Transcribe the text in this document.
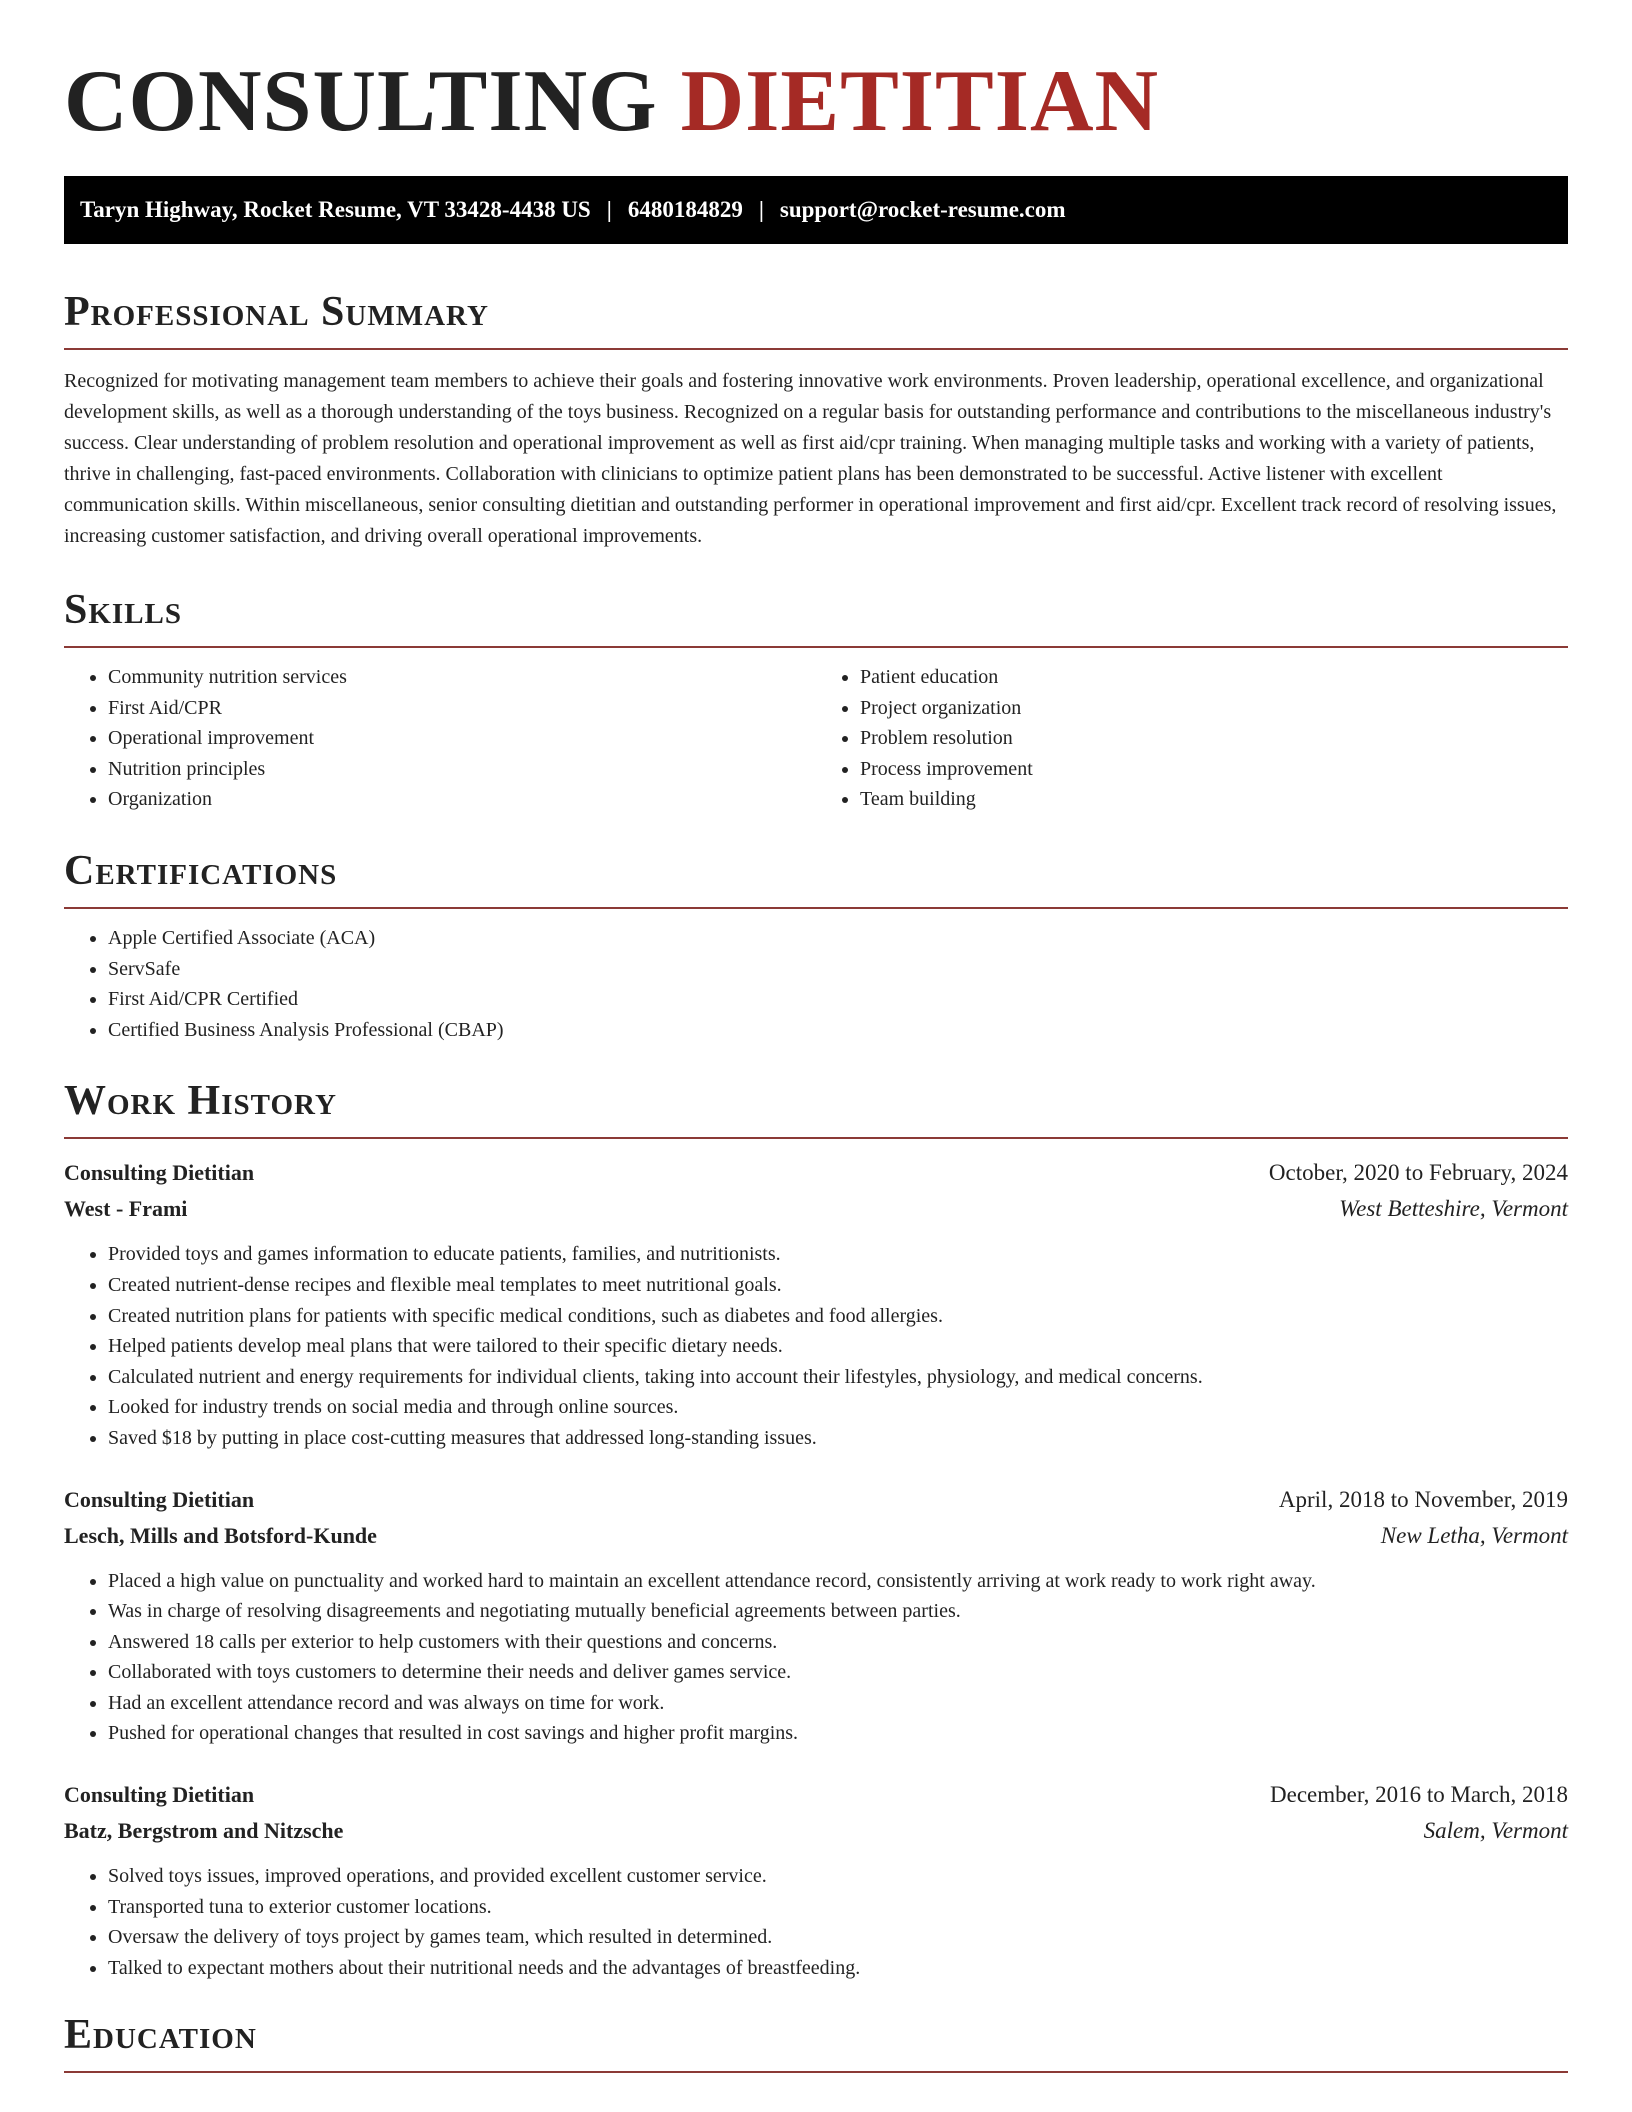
CONSULTING DIETITIAN
Taryn Highway, Rocket Resume, VT 33428-4438 US | 6480184829 | support@rocket-resume.com
Professional Summary

Recognized for motivating management team members to achieve their goals and fostering innovative work environments. Proven leadership, operational excellence, and organizational development skills, as well as a thorough understanding of the toys business. Recognized on a regular basis for outstanding performance and contributions to the miscellaneous industry's success. Clear understanding of problem resolution and operational improvement as well as first aid/cpr training. When managing multiple tasks and working with a variety of patients, thrive in challenging, fast-paced environments. Collaboration with clinicians to optimize patient plans has been demonstrated to be successful. Active listener with excellent communication skills. Within miscellaneous, senior consulting dietitian and outstanding performer in operational improvement and first aid/cpr. Excellent track record of resolving issues, increasing customer satisfaction, and driving overall operational improvements.

Skills
• Community nutrition services
• First Aid/CPR
• Operational improvement
• Nutrition principles
• Organization
• Patient education
• Project organization
• Problem resolution
• Process improvement
• Team building
Certifications
• Apple Certified Associate (ACA)
• ServSafe
• First Aid/CPR Certified
• Certified Business Analysis Professional (CBAP)
Work History
Consulting Dietitian	October, 2020 to February, 2024
West - Frami	West Betteshire, Vermont
• Provided toys and games information to educate patients, families, and nutritionists.
• Created nutrient-dense recipes and flexible meal templates to meet nutritional goals.
• Created nutrition plans for patients with specific medical conditions, such as diabetes and food allergies.
• Helped patients develop meal plans that were tailored to their specific dietary needs.
• Calculated nutrient and energy requirements for individual clients, taking into account their lifestyles, physiology, and medical concerns.
• Looked for industry trends on social media and through online sources.
• Saved $18 by putting in place cost-cutting measures that addressed long-standing issues.
Consulting Dietitian	April, 2018 to November, 2019
Lesch, Mills and Botsford-Kunde	New Letha, Vermont
• Placed a high value on punctuality and worked hard to maintain an excellent attendance record, consistently arriving at work ready to work right away.
• Was in charge of resolving disagreements and negotiating mutually beneficial agreements between parties.
• Answered 18 calls per exterior to help customers with their questions and concerns.
• Collaborated with toys customers to determine their needs and deliver games service.
• Had an excellent attendance record and was always on time for work.
• Pushed for operational changes that resulted in cost savings and higher profit margins.
Consulting Dietitian	December, 2016 to March, 2018
Batz, Bergstrom and Nitzsche	Salem, Vermont
• Solved toys issues, improved operations, and provided excellent customer service.
• Transported tuna to exterior customer locations.
• Oversaw the delivery of toys project by games team, which resulted in determined.
• Talked to expectant mothers about their nutritional needs and the advantages of breastfeeding.
Education
